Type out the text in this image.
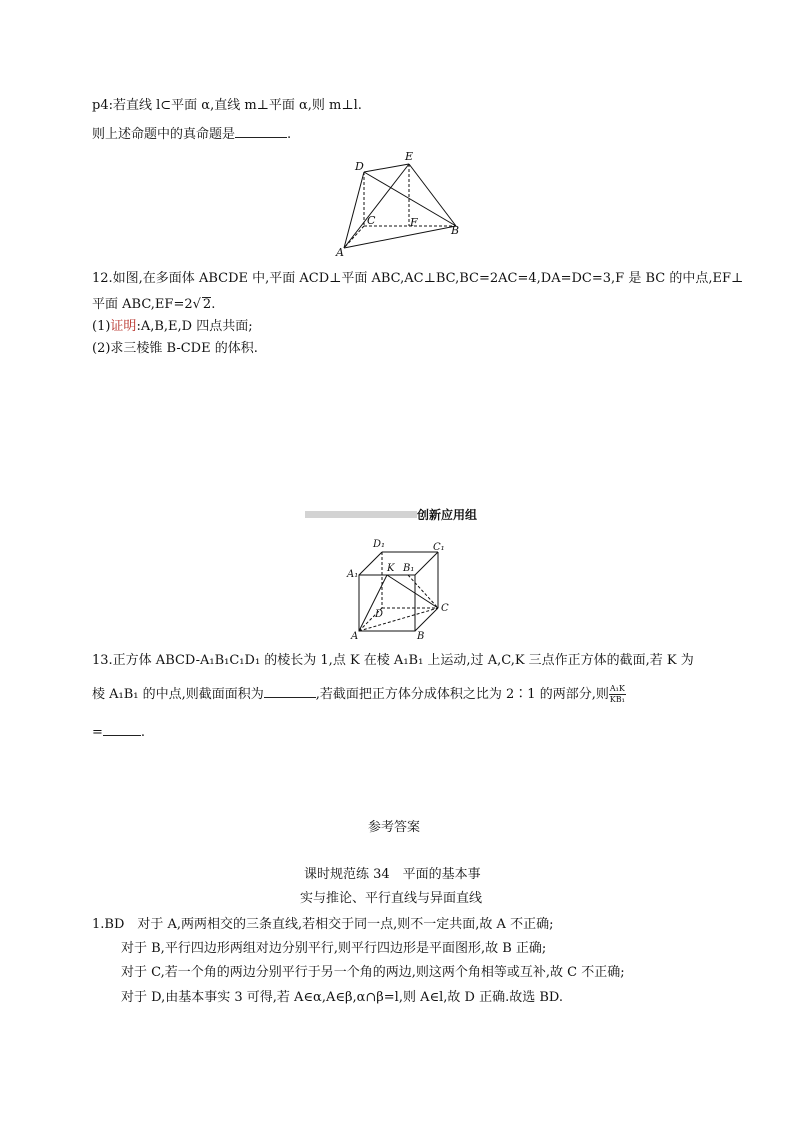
p4:若直线 l⊂平面 α,直线 m⊥平面 α,则 m⊥l.
则上述命题中的真命题是	.
D
E
C	F
B
A
12.如图,在多面体 ABCDE 中,平面 ACD⊥平面 ABC,AC⊥BC,BC=2AC=4,DA=DC=3,F 是 BC 的中点,EF⊥
平面 ABC,EF=2√ 2.
(1)证明:A,B,E,D 四点共面;
(2)求三棱锥 B-CDE 的体积.
创新应用组
D₁	C₁
A₁
K B₁
C
D
A	B
13.正方体 ABCD-A₁B₁C₁D₁ 的棱长为 1,点 K 在棱 A₁B₁ 上运动,过 A,C,K 三点作正方体的截面,若 K 为
棱 A₁B₁ 的中点,则截面面积为	,若截面把正方体分成体积之比为 2∶1 的两部分,则 $\frac{\text{A₁K}}{\text{KB₁}}$
=	.
参考答案
课时规范练 34　平面的基本事
实与推论、平行直线与异面直线
1.BD　对于 A,两两相交的三条直线,若相交于同一点,则不一定共面,故 A 不正确;
对于 B,平行四边形两组对边分别平行,则平行四边形是平面图形,故 B 正确;
对于 C,若一个角的两边分别平行于另一个角的两边,则这两个角相等或互补,故 C 不正确;
对于 D,由基本事实 3 可得,若 A∈α,A∈β,α∩β=l,则 A∈l,故 D 正确.故选 BD.
